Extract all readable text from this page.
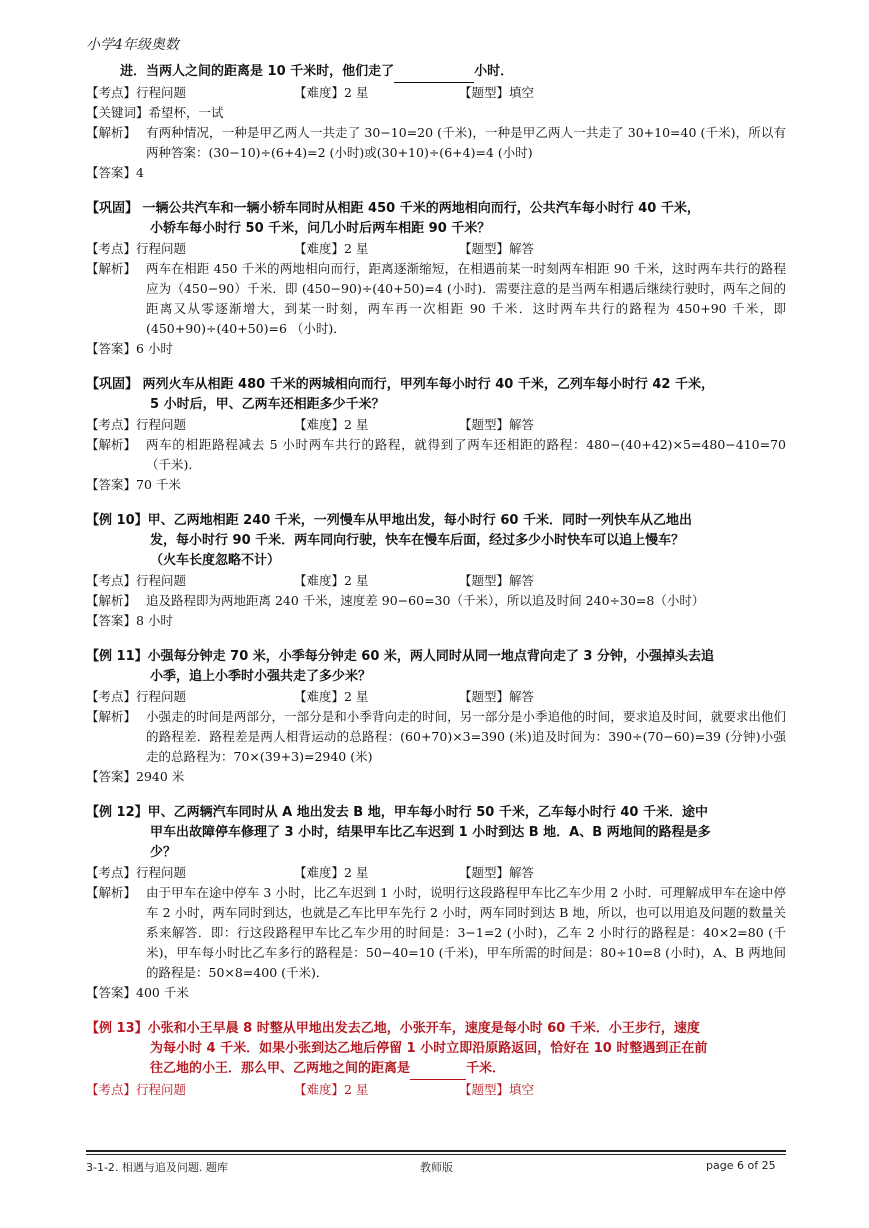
小学4年级奥数
进．当两人之间的距离是 10 千米时，他们走了	小时．
【考点】行程问题	【难度】2 星	【题型】填空
【关键词】希望杯，一试
【解析】 有两种情况，一种是甲乙两人一共走了 30−10=20 (千米)，一种是甲乙两人一共走了 30+10=40 (千米)，所以有两种答案：(30−10)÷(6+4)=2 (小时)或(30+10)÷(6+4)=4 (小时)
【答案】4
【巩固】 一辆公共汽车和一辆小轿车同时从相距 450 千米的两地相向而行，公共汽车每小时行 40 千米，
小轿车每小时行 50 千米，问几小时后两车相距 90 千米？
【考点】行程问题	【难度】2 星	【题型】解答
【解析】 两车在相距 450 千米的两地相向而行，距离逐渐缩短，在相遇前某一时刻两车相距 90 千米，这时两车共行的路程应为（450−90）千米．即 (450−90)÷(40+50)=4 (小时)．需要注意的是当两车相遇后继续行驶时，两车之间的距离又从零逐渐增大，到某一时刻，两车再一次相距 90 千米．这时两车共行的路程为 450+90 千米，即 (450+90)÷(40+50)=6 （小时)．
【答案】6 小时
【巩固】 两列火车从相距 480 千米的两城相向而行，甲列车每小时行 40 千米，乙列车每小时行 42 千米，
5 小时后，甲、乙两车还相距多少千米？
【考点】行程问题	【难度】2 星	【题型】解答
【解析】 两车的相距路程减去 5 小时两车共行的路程，就得到了两车还相距的路程：480−(40+42)×5=480−410=70 （千米)．
【答案】70 千米
【例 10】甲、乙两地相距 240 千米，一列慢车从甲地出发，每小时行 60 千米．同时一列快车从乙地出
发，每小时行 90 千米．两车同向行驶，快车在慢车后面，经过多少小时快车可以追上慢车？
（火车长度忽略不计）
【考点】行程问题	【难度】2 星	【题型】解答
【解析】 追及路程即为两地距离 240 千米，速度差 90−60=30（千米），所以追及时间 240÷30=8（小时）
【答案】8 小时
【例 11】小强每分钟走 70 米，小季每分钟走 60 米，两人同时从同一地点背向走了 3 分钟，小强掉头去追
小季，追上小季时小强共走了多少米？
【考点】行程问题	【难度】2 星	【题型】解答
【解析】 小强走的时间是两部分，一部分是和小季背向走的时间，另一部分是小季追他的时间，要求追及时间，就要求出他们的路程差．路程差是两人相背运动的总路程：(60+70)×3=390 (米)追及时间为：390÷(70−60)=39 (分钟)小强走的总路程为：70×(39+3)=2940 (米)
【答案】2940 米
【例 12】甲、乙两辆汽车同时从 A 地出发去 B 地，甲车每小时行 50 千米，乙车每小时行 40 千米．途中
甲车出故障停车修理了 3 小时，结果甲车比乙车迟到 1 小时到达 B 地．A、B 两地间的路程是多
少？
【考点】行程问题	【难度】2 星	【题型】解答
【解析】 由于甲车在途中停车 3 小时，比乙车迟到 1 小时，说明行这段路程甲车比乙车少用 2 小时．可理解成甲车在途中停车 2 小时，两车同时到达，也就是乙车比甲车先行 2 小时，两车同时到达 B 地，所以，也可以用追及问题的数量关系来解答．即：行这段路程甲车比乙车少用的时间是：3−1=2 (小时)，乙车 2 小时行的路程是：40×2=80 (千米)，甲车每小时比乙车多行的路程是：50−40=10 (千米)，甲车所需的时间是：80÷10=8 (小时)，A、B 两地间的路程是：50×8=400 (千米)．
【答案】400 千米
【例 13】小张和小王早晨 8 时整从甲地出发去乙地，小张开车，速度是每小时 60 千米．小王步行，速度
为每小时 4 千米．如果小张到达乙地后停留 1 小时立即沿原路返回，恰好在 10 时整遇到正在前
往乙地的小王．那么甲、乙两地之间的距离是	千米．
【考点】行程问题	【难度】2 星	【题型】填空
3-1-2. 相遇与追及问题. 题库	教师版	page 6 of 25
